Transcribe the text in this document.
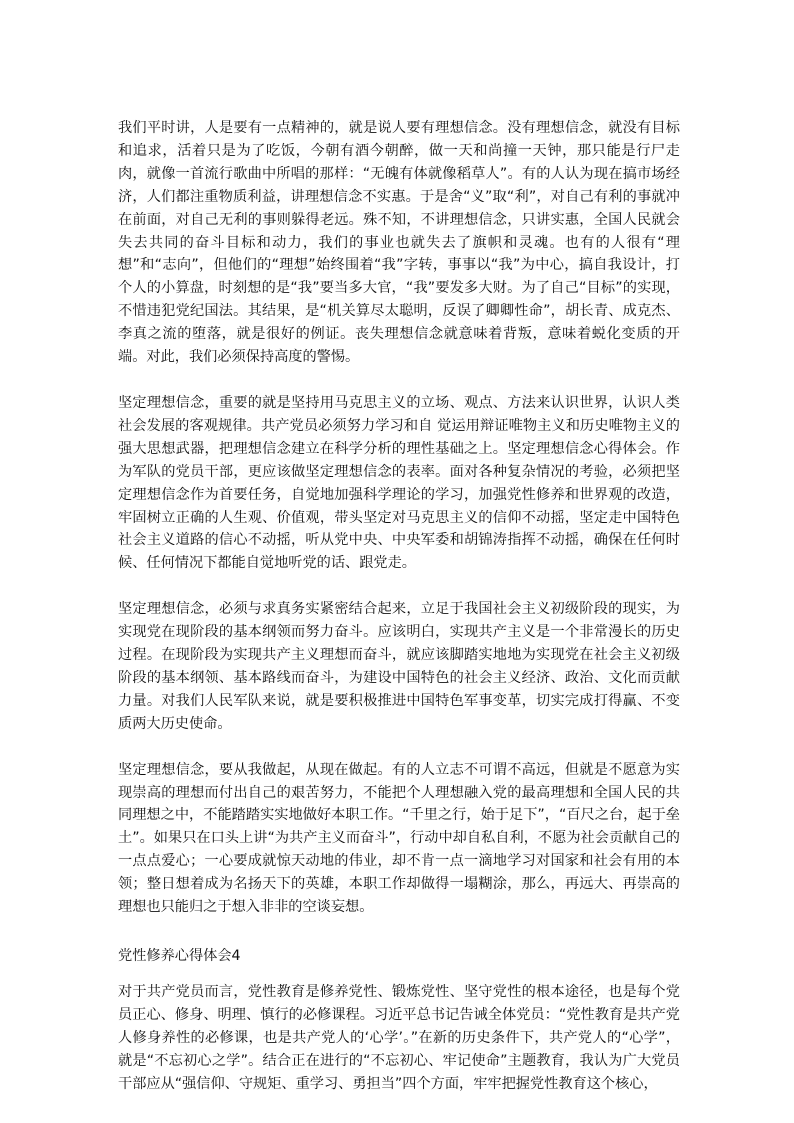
我们平时讲，人是要有一点精神的，就是说人要有理想信念。没有理想信念，就没有目标和追求，活着只是为了吃饭，今朝有酒今朝醉，做一天和尚撞一天钟，那只能是行尸走肉，就像一首流行歌曲中所唱的那样：“无魄有体就像稻草人”。有的人认为现在搞市场经济，人们都注重物质利益，讲理想信念不实惠。于是舍“义”取“利”，对自己有利的事就冲在前面，对自己无利的事则躲得老远。殊不知，不讲理想信念，只讲实惠，全国人民就会失去共同的奋斗目标和动力，我们的事业也就失去了旗帜和灵魂。也有的人很有“理想”和“志向”，但他们的“理想”始终围着“我”字转，事事以“我”为中心，搞自我设计，打个人的小算盘，时刻想的是“我”要当多大官，“我”要发多大财。为了自己“目标”的实现，不惜违犯党纪国法。其结果，是“机关算尽太聪明，反误了卿卿性命”，胡长青、成克杰、李真之流的堕落，就是很好的例证。丧失理想信念就意味着背叛，意味着蜕化变质的开端。对此，我们必须保持高度的警惕。

坚定理想信念，重要的就是坚持用马克思主义的立场、观点、方法来认识世界，认识人类社会发展的客观规律。共产党员必须努力学习和自 觉运用辩证唯物主义和历史唯物主义的强大思想武器，把理想信念建立在科学分析的理性基础之上。坚定理想信念心得体会。作为军队的党员干部，更应该做坚定理想信念的表率。面对各种复杂情况的考验，必须把坚定理想信念作为首要任务，自觉地加强科学理论的学习，加强党性修养和世界观的改造，牢固树立正确的人生观、价值观，带头坚定对马克思主义的信仰不动摇，坚定走中国特色社会主义道路的信心不动摇，听从党中央、中央军委和胡锦涛指挥不动摇，确保在任何时候、任何情况下都能自觉地听党的话、跟党走。

坚定理想信念，必须与求真务实紧密结合起来，立足于我国社会主义初级阶段的现实，为实现党在现阶段的基本纲领而努力奋斗。应该明白，实现共产主义是一个非常漫长的历史过程。在现阶段为实现共产主义理想而奋斗，就应该脚踏实地地为实现党在社会主义初级阶段的基本纲领、基本路线而奋斗，为建设中国特色的社会主义经济、政治、文化而贡献力量。对我们人民军队来说，就是要积极推进中国特色军事变革，切实完成打得赢、不变质两大历史使命。

坚定理想信念，要从我做起，从现在做起。有的人立志不可谓不高远，但就是不愿意为实现崇高的理想而付出自己的艰苦努力，不能把个人理想融入党的最高理想和全国人民的共同理想之中，不能踏踏实实地做好本职工作。“千里之行，始于足下”，“百尺之台，起于垒土”。如果只在口头上讲“为共产主义而奋斗”，行动中却自私自利，不愿为社会贡献自己的一点点爱心；一心要成就惊天动地的伟业，却不肯一点一滴地学习对国家和社会有用的本领；整日想着成为名扬天下的英雄，本职工作却做得一塌糊涂，那么，再远大、再崇高的理想也只能归之于想入非非的空谈妄想。

党性修养心得体会4

对于共产党员而言，党性教育是修养党性、锻炼党性、坚守党性的根本途径，也是每个党员正心、修身、明理、慎行的必修课程。习近平总书记告诫全体党员：“党性教育是共产党人修身养性的必修课，也是共产党人的‘心学’。”在新的历史条件下，共产党人的“心学”，就是“不忘初心之学”。结合正在进行的“不忘初心、牢记使命”主题教育，我认为广大党员干部应从“强信仰、守规矩、重学习、勇担当”四个方面，牢牢把握党性教育这个核心，
